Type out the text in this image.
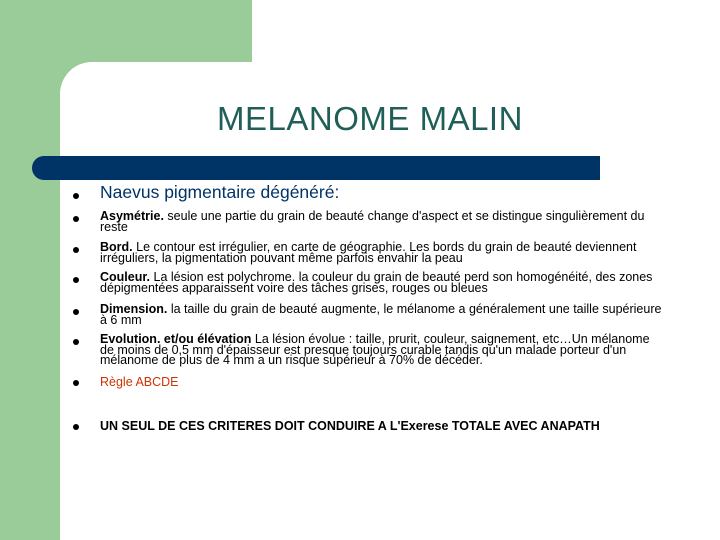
MELANOME MALIN
Naevus pigmentaire dégénéré:
Asymétrie. seule une partie du grain de beauté change d'aspect et se distingue singulièrement du reste
Bord. Le contour est irrégulier, en carte de géographie. Les bords du grain de beauté deviennent irréguliers, la pigmentation pouvant même parfois envahir la peau
Couleur. La lésion est polychrome. la couleur du grain de beauté perd son homogénéité, des zones dépigmentées apparaissent voire des tâches grises, rouges ou bleues
Dimension. la taille du grain de beauté augmente, le mélanome a généralement une taille supérieure à 6 mm
Evolution. et/ou élévation La lésion évolue : taille, prurit, couleur, saignement, etc…Un mélanome de moins de 0,5 mm d'épaisseur est presque toujours curable tandis qu'un malade porteur d'un mélanome de plus de 4 mm a un risque supérieur à 70% de décéder.
Règle ABCDE
UN SEUL DE CES CRITERES DOIT CONDUIRE A L'Exerese TOTALE AVEC ANAPATH
